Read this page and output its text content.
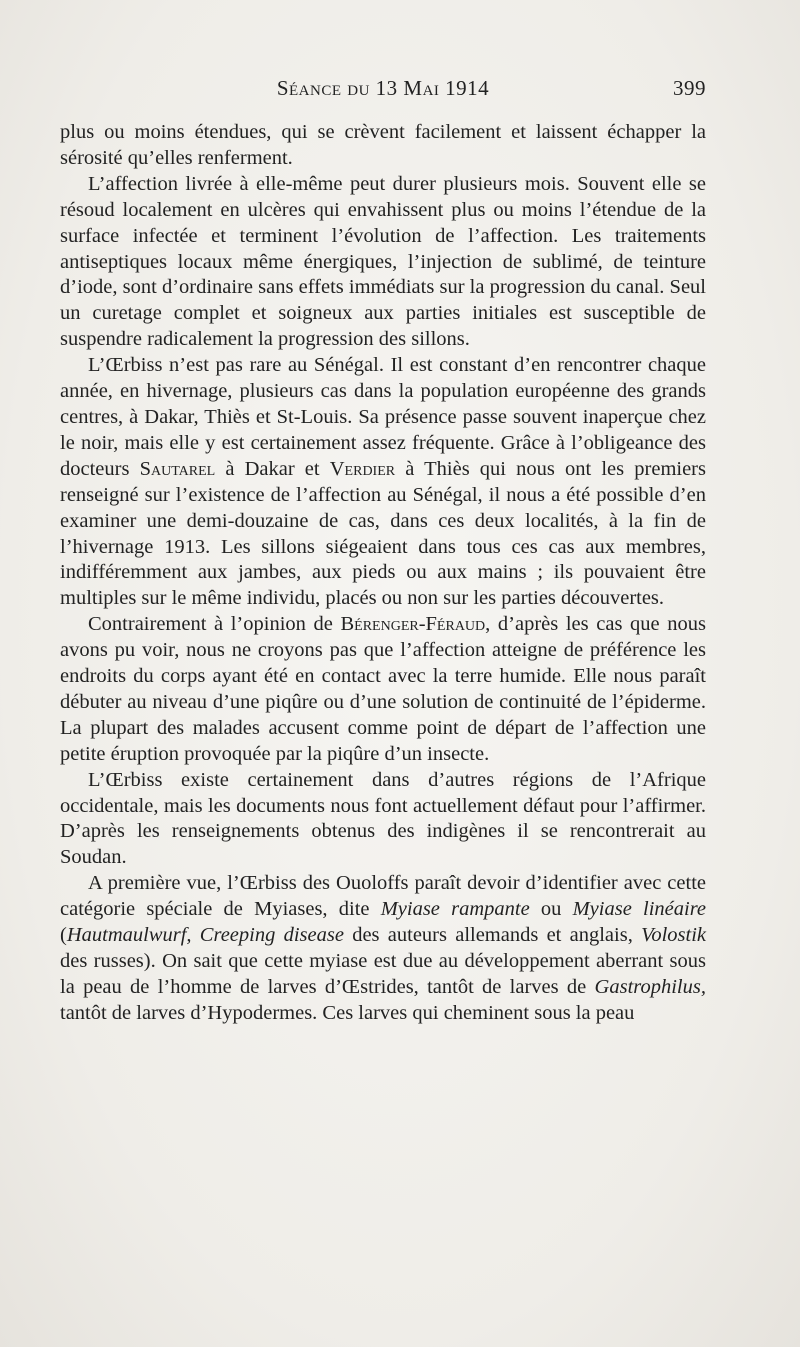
Séance du 13 Mai 1914	399

plus ou moins étendues, qui se crèvent facilement et laissent échapper la sérosité qu’elles renferment.

L’affection livrée à elle-même peut durer plusieurs mois. Souvent elle se résoud localement en ulcères qui envahissent plus ou moins l’étendue de la surface infectée et terminent l’évolution de l’affection. Les traitements antiseptiques locaux même énergiques, l’injection de sublimé, de teinture d’iode, sont d’ordinaire sans effets immédiats sur la progression du canal. Seul un curetage complet et soigneux aux parties initiales est susceptible de suspendre radicalement la progression des sillons.

L’Œrbiss n’est pas rare au Sénégal. Il est constant d’en rencontrer chaque année, en hivernage, plusieurs cas dans la population européenne des grands centres, à Dakar, Thiès et St-Louis. Sa présence passe souvent inaperçue chez le noir, mais elle y est certainement assez fréquente. Grâce à l’obligeance des docteurs Sautarel à Dakar et Verdier à Thiès qui nous ont les premiers renseigné sur l’existence de l’affection au Sénégal, il nous a été possible d’en examiner une demi-douzaine de cas, dans ces deux localités, à la fin de l’hivernage 1913. Les sillons siégeaient dans tous ces cas aux membres, indifféremment aux jambes, aux pieds ou aux mains ; ils pouvaient être multiples sur le même individu, placés ou non sur les parties découvertes.

Contrairement à l’opinion de Bérenger-Féraud, d’après les cas que nous avons pu voir, nous ne croyons pas que l’affection atteigne de préférence les endroits du corps ayant été en contact avec la terre humide. Elle nous paraît débuter au niveau d’une piqûre ou d’une solution de continuité de l’épiderme. La plupart des malades accusent comme point de départ de l’affection une petite éruption provoquée par la piqûre d’un insecte.

L’Œrbiss existe certainement dans d’autres régions de l’Afrique occidentale, mais les documents nous font actuellement défaut pour l’affirmer. D’après les renseignements obtenus des indigènes il se rencontrerait au Soudan.

A première vue, l’Œrbiss des Ouoloffs paraît devoir d’identifier avec cette catégorie spéciale de Myiases, dite Myiase rampante ou Myiase linéaire (Hautmaulwurf, Creeping disease des auteurs allemands et anglais, Volostik des russes). On sait que cette myiase est due au développement aberrant sous la peau de l’homme de larves d’Œstrides, tantôt de larves de Gastrophilus, tantôt de larves d’Hypodermes. Ces larves qui cheminent sous la peau
